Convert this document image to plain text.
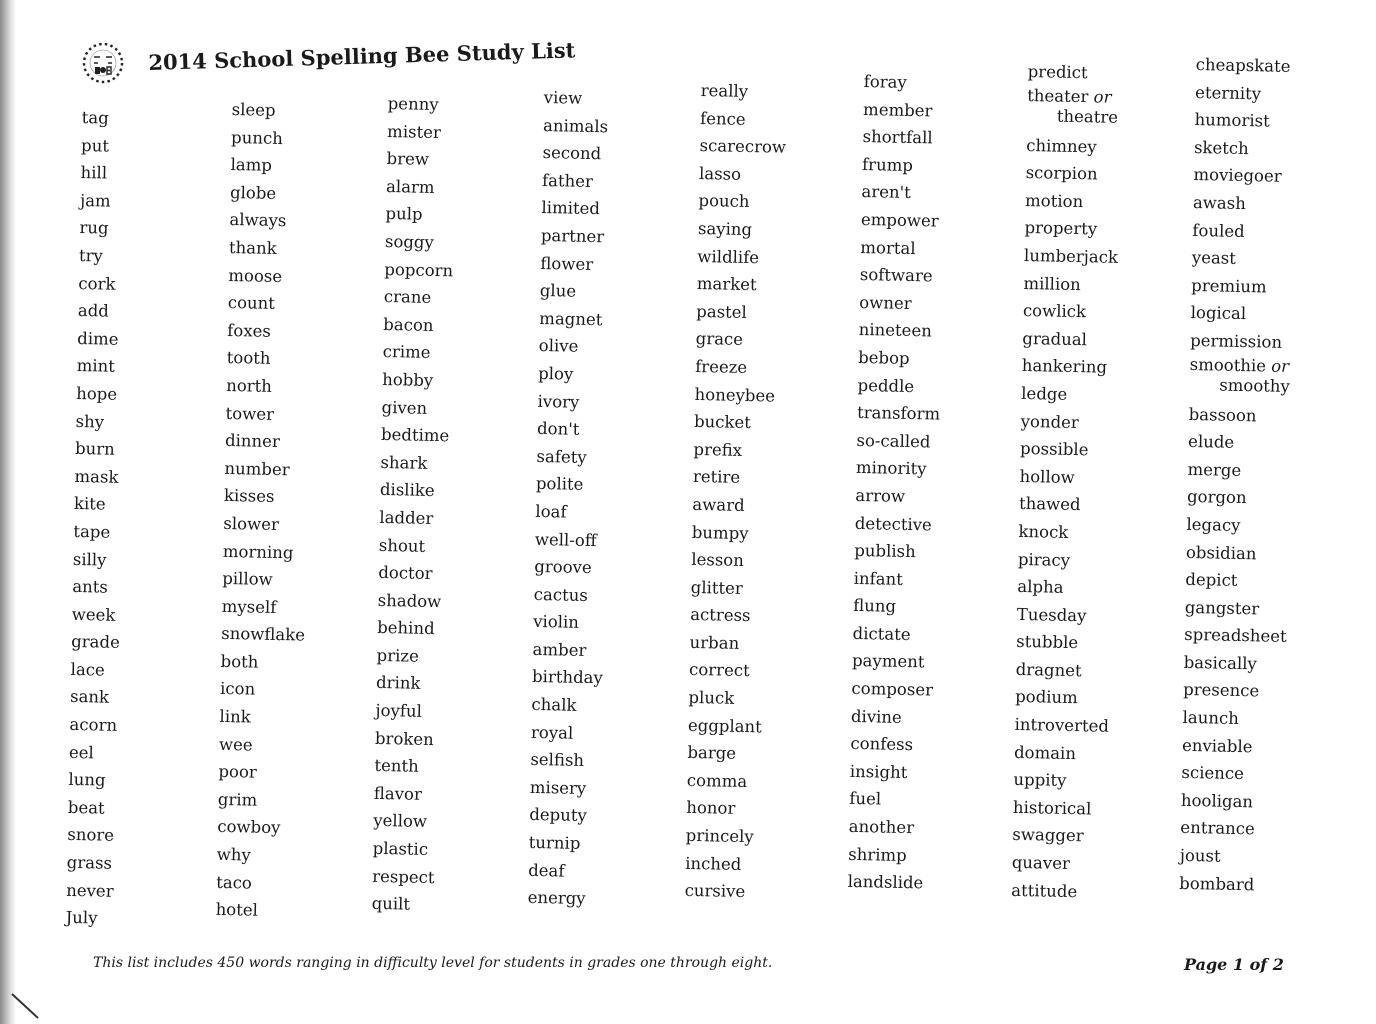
2014 School Spelling Bee Study List
tag
put
hill
jam
rug
try
cork
add
dime
mint
hope
shy
burn
mask
kite
tape
silly
ants
week
grade
lace
sank
acorn
eel
lung
beat
snore
grass
never
July
sleep
punch
lamp
globe
always
thank
moose
count
foxes
tooth
north
tower
dinner
number
kisses
slower
morning
pillow
myself
snowflake
both
icon
link
wee
poor
grim
cowboy
why
taco
hotel
penny
mister
brew
alarm
pulp
soggy
popcorn
crane
bacon
crime
hobby
given
bedtime
shark
dislike
ladder
shout
doctor
shadow
behind
prize
drink
joyful
broken
tenth
flavor
yellow
plastic
respect
quilt
view
animals
second
father
limited
partner
flower
glue
magnet
olive
ploy
ivory
don't
safety
polite
loaf
well-off
groove
cactus
violin
amber
birthday
chalk
royal
selfish
misery
deputy
turnip
deaf
energy
really
fence
scarecrow
lasso
pouch
saying
wildlife
market
pastel
grace
freeze
honeybee
bucket
prefix
retire
award
bumpy
lesson
glitter
actress
urban
correct
pluck
eggplant
barge
comma
honor
princely
inched
cursive
foray
member
shortfall
frump
aren't
empower
mortal
software
owner
nineteen
bebop
peddle
transform
so-called
minority
arrow
detective
publish
infant
flung
dictate
payment
composer
divine
confess
insight
fuel
another
shrimp
landslide
predict
theater or
theatre
chimney
scorpion
motion
property
lumberjack
million
cowlick
gradual
hankering
ledge
yonder
possible
hollow
thawed
knock
piracy
alpha
Tuesday
stubble
dragnet
podium
introverted
domain
uppity
historical
swagger
quaver
attitude
cheapskate
eternity
humorist
sketch
moviegoer
awash
fouled
yeast
premium
logical
permission
smoothie or
smoothy
bassoon
elude
merge
gorgon
legacy
obsidian
depict
gangster
spreadsheet
basically
presence
launch
enviable
science
hooligan
entrance
joust
bombard
This list includes 450 words ranging in difficulty level for students in grades one through eight.	Page 1 of 2
